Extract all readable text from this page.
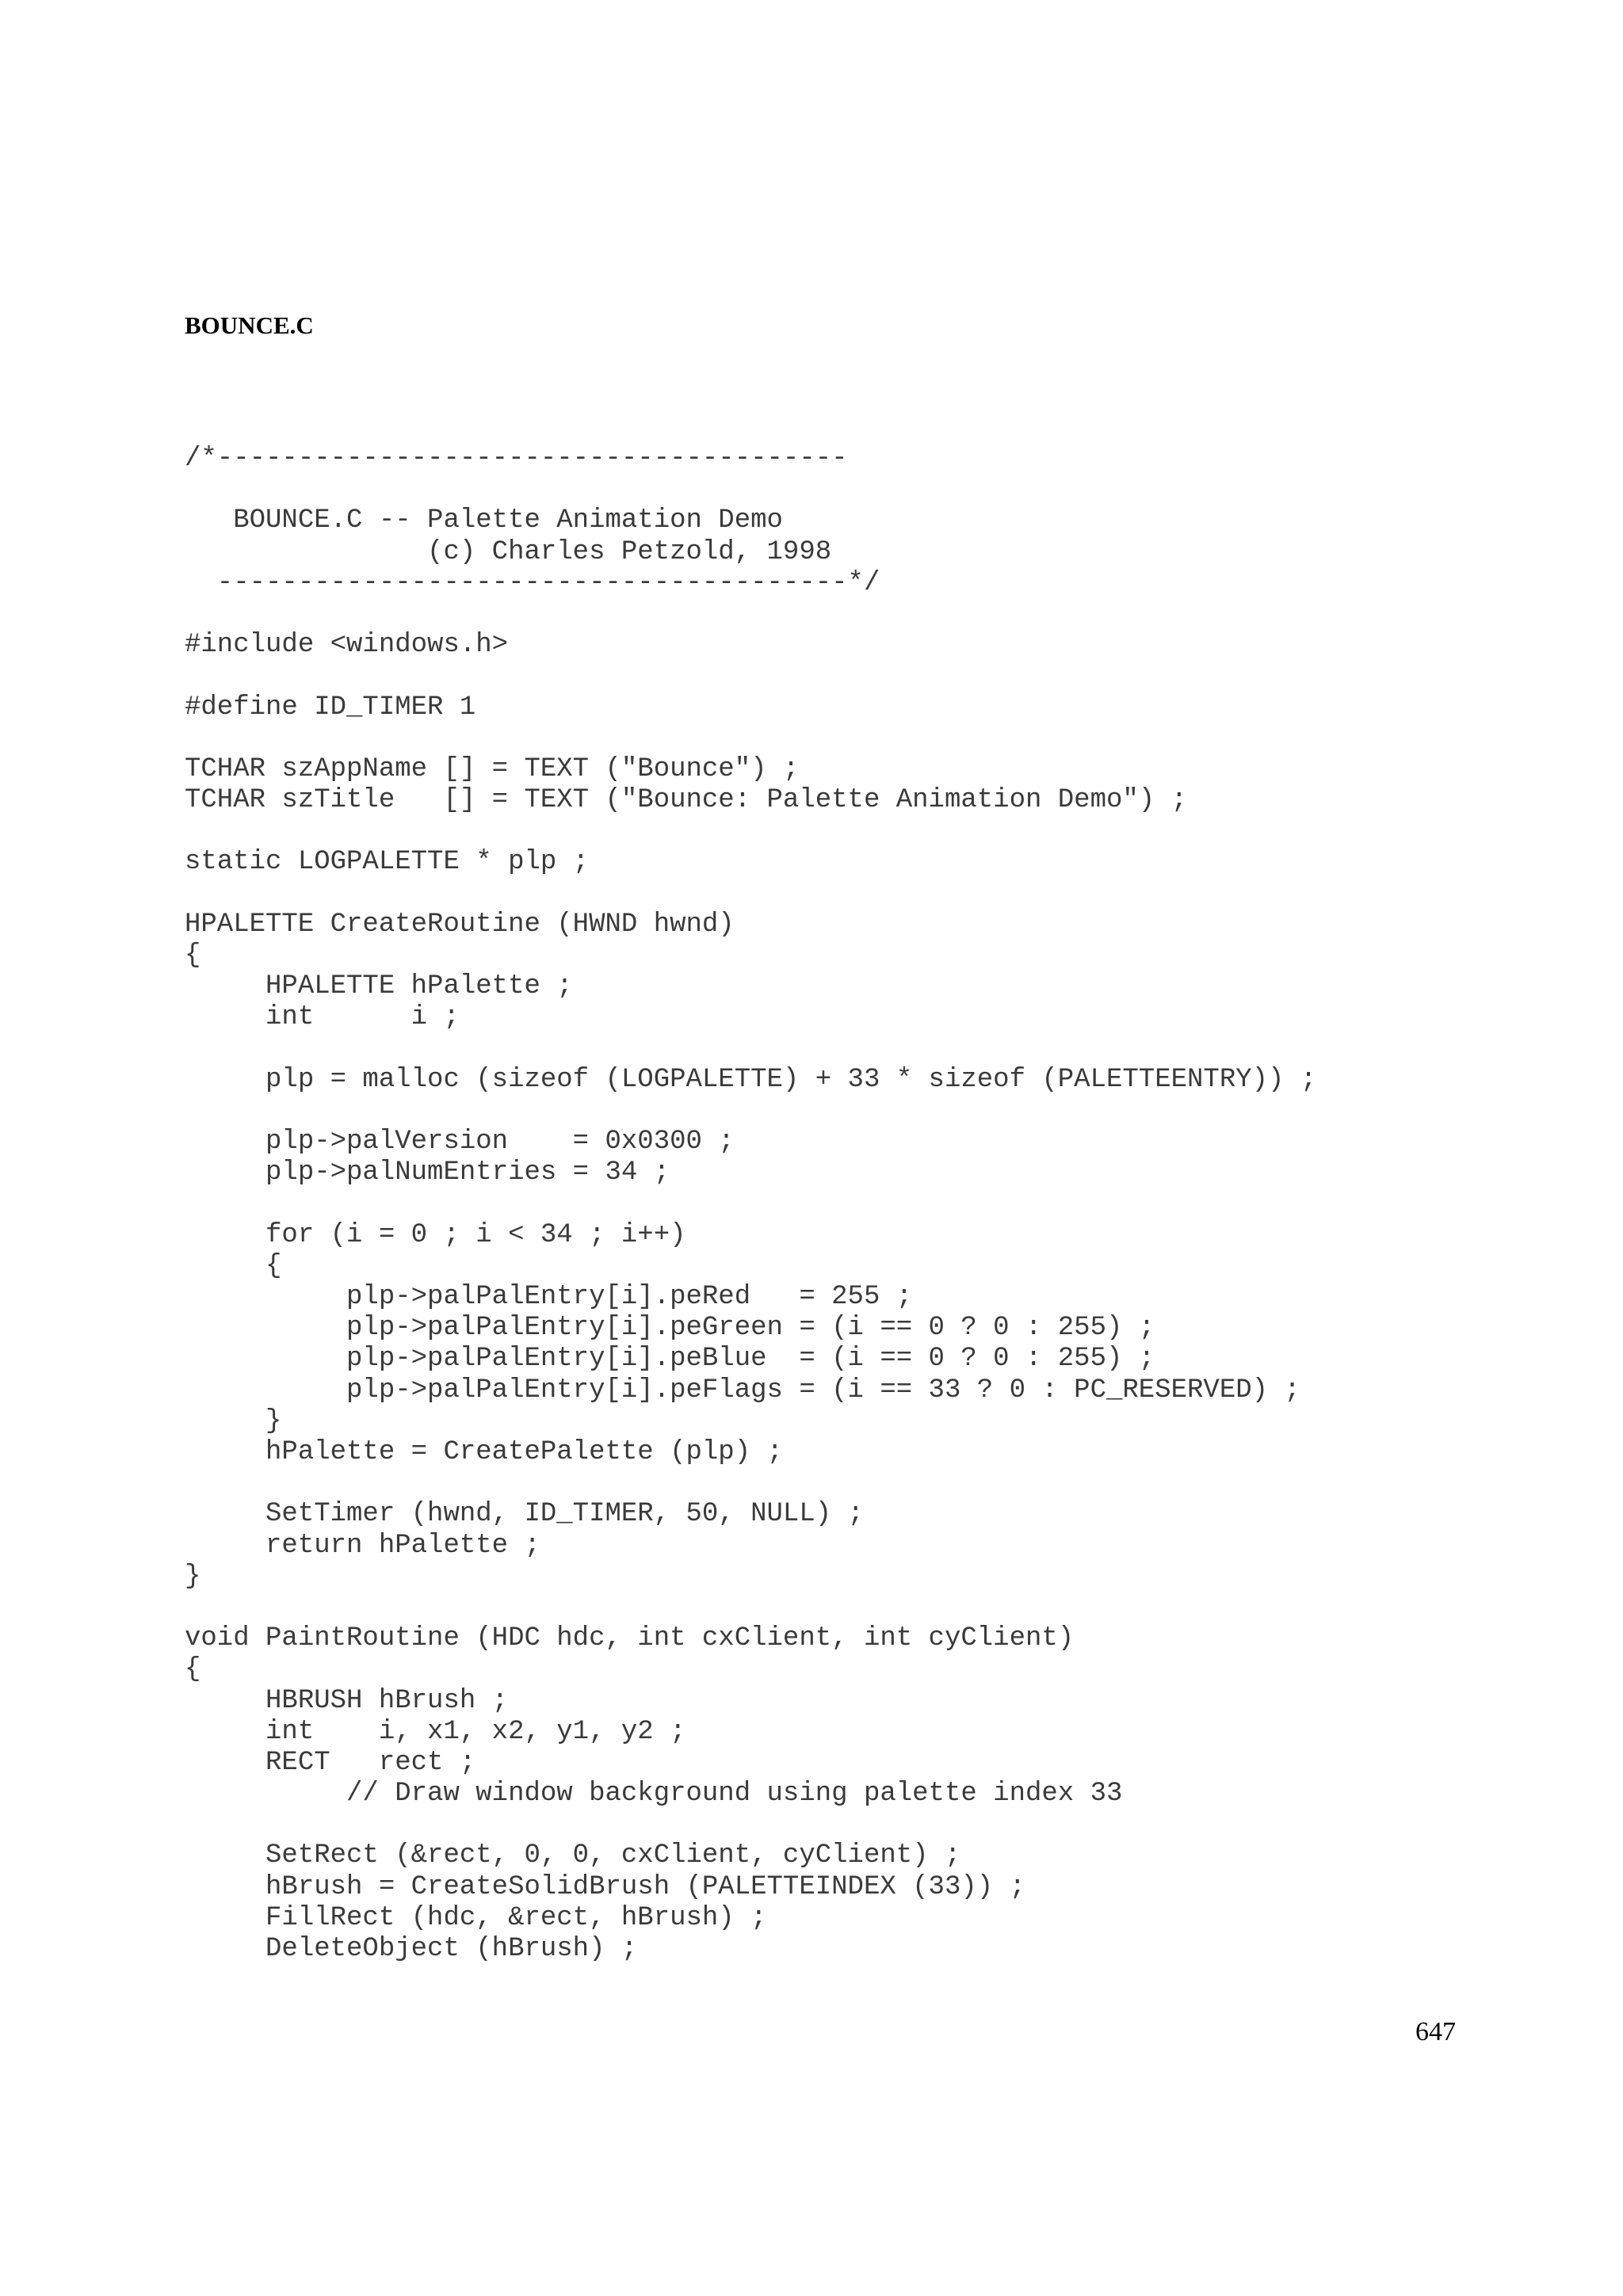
BOUNCE.C
/*---------------------------------------
BOUNCE.C -- Palette Animation Demo
(c) Charles Petzold, 1998
---------------------------------------*/
#include <windows.h>
#define ID_TIMER 1
TCHAR szAppName [] = TEXT ("Bounce") ;
TCHAR szTitle   [] = TEXT ("Bounce: Palette Animation Demo") ;
static LOGPALETTE * plp ;
HPALETTE CreateRoutine (HWND hwnd)
{
HPALETTE hPalette ;
int      i ;
plp = malloc (sizeof (LOGPALETTE) + 33 * sizeof (PALETTEENTRY)) ;
plp->palVersion    = 0x0300 ;
plp->palNumEntries = 34 ;
for (i = 0 ; i < 34 ; i++)
{
plp->palPalEntry[i].peRed   = 255 ;
plp->palPalEntry[i].peGreen = (i == 0 ? 0 : 255) ;
plp->palPalEntry[i].peBlue  = (i == 0 ? 0 : 255) ;
plp->palPalEntry[i].peFlags = (i == 33 ? 0 : PC_RESERVED) ;
}
hPalette = CreatePalette (plp) ;
SetTimer (hwnd, ID_TIMER, 50, NULL) ;
return hPalette ;
}
void PaintRoutine (HDC hdc, int cxClient, int cyClient)
{
HBRUSH hBrush ;
int    i, x1, x2, y1, y2 ;
RECT   rect ;
// Draw window background using palette index 33
SetRect (&rect, 0, 0, cxClient, cyClient) ;
hBrush = CreateSolidBrush (PALETTEINDEX (33)) ;
FillRect (hdc, &rect, hBrush) ;
DeleteObject (hBrush) ;
647
